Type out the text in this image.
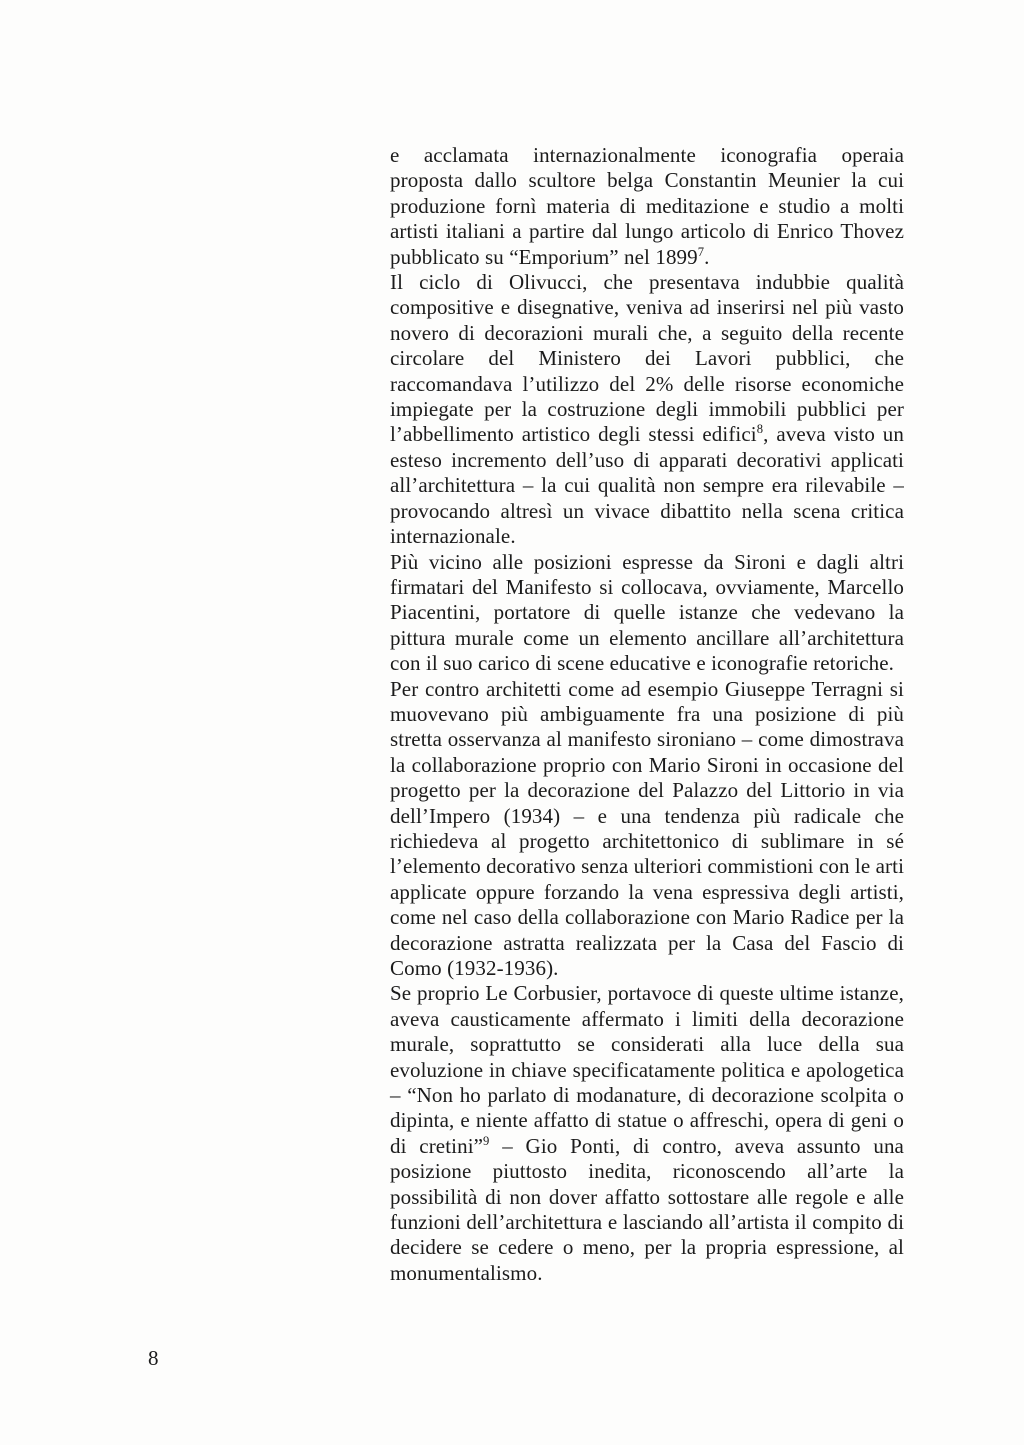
e acclamata internazionalmente iconografia operaia proposta dallo scultore belga Constantin Meunier la cui produzione fornì materia di meditazione e studio a molti artisti italiani a partire dal lungo articolo di Enrico Thovez pubblicato su “Emporium” nel 1899$^7$.

Il ciclo di Olivucci, che presentava indubbie qualità compositive e disegnative, veniva ad inserirsi nel più vasto novero di decorazioni murali che, a seguito della recente circolare del Ministero dei Lavori pubblici, che raccomandava l’utilizzo del 2% delle risorse economiche impiegate per la costruzione degli immobili pubblici per l’abbellimento artistico degli stessi edifici$^8$, aveva visto un esteso incremento dell’uso di apparati decorativi applicati all’architettura – la cui qualità non sempre era rilevabile – provocando altresì un vivace dibattito nella scena critica internazionale.

Più vicino alle posizioni espresse da Sironi e dagli altri firmatari del Manifesto si collocava, ovviamente, Marcello Piacentini, portatore di quelle istanze che vedevano la pittura murale come un elemento ancillare all’architettura con il suo carico di scene educative e iconografie retoriche.

Per contro architetti come ad esempio Giuseppe Terragni si muovevano più ambiguamente fra una posizione di più stretta osservanza al manifesto sironiano – come dimostrava la collaborazione proprio con Mario Sironi in occasione del progetto per la decorazione del Palazzo del Littorio in via dell’Impero (1934) – e una tendenza più radicale che richiedeva al progetto architettonico di sublimare in sé l’elemento decorativo senza ulteriori commistioni con le arti applicate oppure forzando la vena espressiva degli artisti, come nel caso della collaborazione con Mario Radice per la decorazione astratta realizzata per la Casa del Fascio di Como (1932-1936).

Se proprio Le Corbusier, portavoce di queste ultime istanze, aveva causticamente affermato i limiti della decorazione murale, soprattutto se considerati alla luce della sua evoluzione in chiave specificatamente politica e apologetica – “Non ho parlato di modanature, di decorazione scolpita o dipinta, e niente affatto di statue o affreschi, opera di geni o di cretini”$^9$ – Gio Ponti, di contro, aveva assunto una posizione piuttosto inedita, riconoscendo all’arte la possibilità di non dover affatto sottostare alle regole e alle funzioni dell’architettura e lasciando all’artista il compito di decidere se cedere o meno, per la propria espressione, al monumentalismo.

8
